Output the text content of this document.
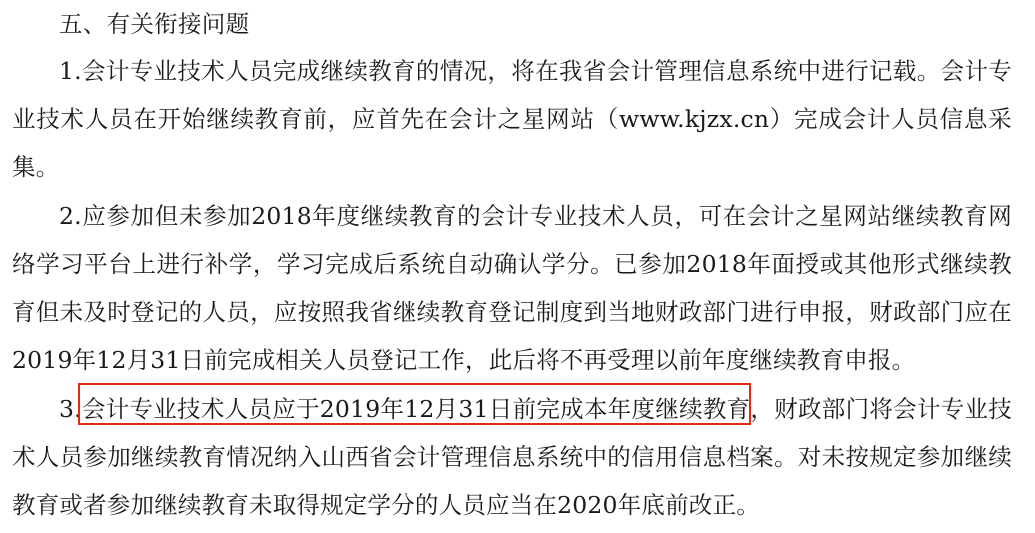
五、有关衔接问题

1.会计专业技术人员完成继续教育的情况，将在我省会计管理信息系统中进行记载。会计专业技术人员在开始继续教育前，应首先在会计之星网站（www.kjzx.cn）完成会计人员信息采集。

2.应参加但未参加2018年度继续教育的会计专业技术人员，可在会计之星网站继续教育网络学习平台上进行补学，学习完成后系统自动确认学分。已参加2018年面授或其他形式继续教育但未及时登记的人员，应按照我省继续教育登记制度到当地财政部门进行申报，财政部门应在2019年12月31日前完成相关人员登记工作，此后将不再受理以前年度继续教育申报。

3.会计专业技术人员应于2019年12月31日前完成本年度继续教育，财政部门将会计专业技术人员参加继续教育情况纳入山西省会计管理信息系统中的信用信息档案。对未按规定参加继续教育或者参加继续教育未取得规定学分的人员应当在2020年底前改正。
